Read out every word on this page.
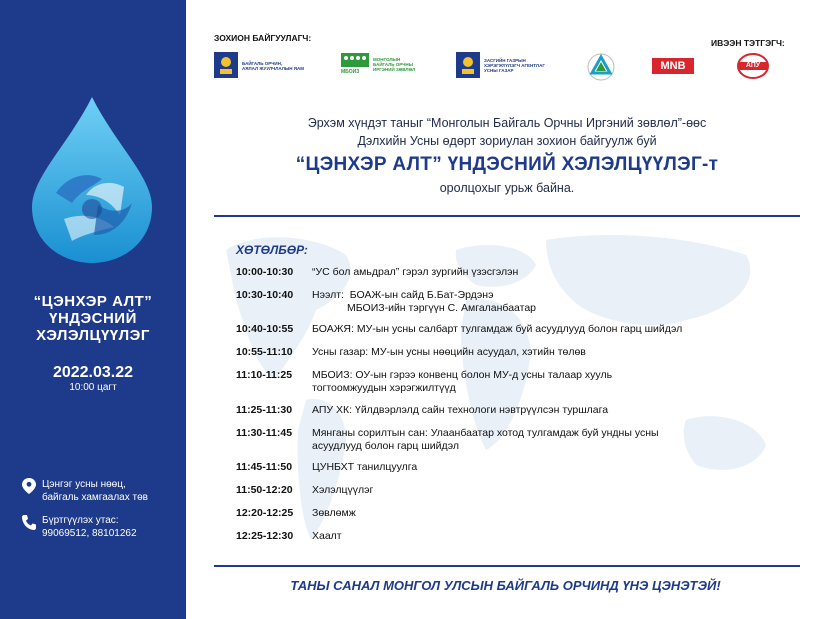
“ЦЭНХЭР АЛТ”
ҮНДЭСНИЙ
ХЭЛЭЛЦҮҮЛЭГ
2022.03.22
10:00 цагт
Цэнгэг усны нөөц,
байгаль хамгаалах төв
Бүртгүүлэх утас:
99069512, 88101262
ЗОХИОН БАЙГУУЛАГЧ:	ИВЭЭН ТЭТГЭГЧ:
БАЙГАЛЬ ОРЧИН,
АЯЛАЛ ЖУУЛЧЛАЛЫН ЯАМ
МБОИЗ
МОНГОЛЫН
БАЙГАЛЬ ОРЧНЫ
ИРГЭНИЙ ЗӨВЛӨЛ
ЗАСГИЙН ГАЗРЫН
ХЭРЭГЖҮҮЛЭГЧ АГЕНТЛАГ
УСНЫ ГАЗАР	MNB	АПУ
Эрхэм хүндэт таныг “Монголын Байгаль Орчны Иргэний зөвлөл”-өөс
Дэлхийн Усны өдөрт зориулан зохион байгуулж буй
“ЦЭНХЭР АЛТ” ҮНДЭСНИЙ ХЭЛЭЛЦҮҮЛЭГ-т
оролцохыг урьж байна.
ХӨТӨЛБӨР:
10:00-10:30	“УС бол амьдрал” гэрэл зургийн үзэсгэлэн
10:30-10:40	Нээлт:  БОАЖ-ын сайд Б.Бат-Эрдэнэ
МБОИЗ-ийн тэргүүн С. Амгаланбаатар
10:40-10:55	БОАЖЯ: МУ-ын усны салбарт тулгамдаж буй асуудлууд болон гарц шийдэл
10:55-11:10	Усны газар: МУ-ын усны нөөцийн асуудал, хэтийн төлөв
11:10-11:25	МБОИЗ: ОУ-ын гэрээ конвенц болон МУ-д усны талаар хууль
тогтоомжуудын хэрэгжилтүүд
11:25-11:30	АПУ ХК: Үйлдвэрлэлд сайн технологи нэвтрүүлсэн туршлага
11:30-11:45	Мянганы сорилтын сан: Улаанбаатар хотод тулгамдаж буй ундны усны
асуудлууд болон гарц шийдэл
11:45-11:50	ЦУНБХТ танилцуулга
11:50-12:20	Хэлэлцүүлэг
12:20-12:25	Зөвлөмж
12:25-12:30	Хаалт
ТАНЫ САНАЛ МОНГОЛ УЛСЫН БАЙГАЛЬ ОРЧИНД ҮНЭ ЦЭНЭТЭЙ!
